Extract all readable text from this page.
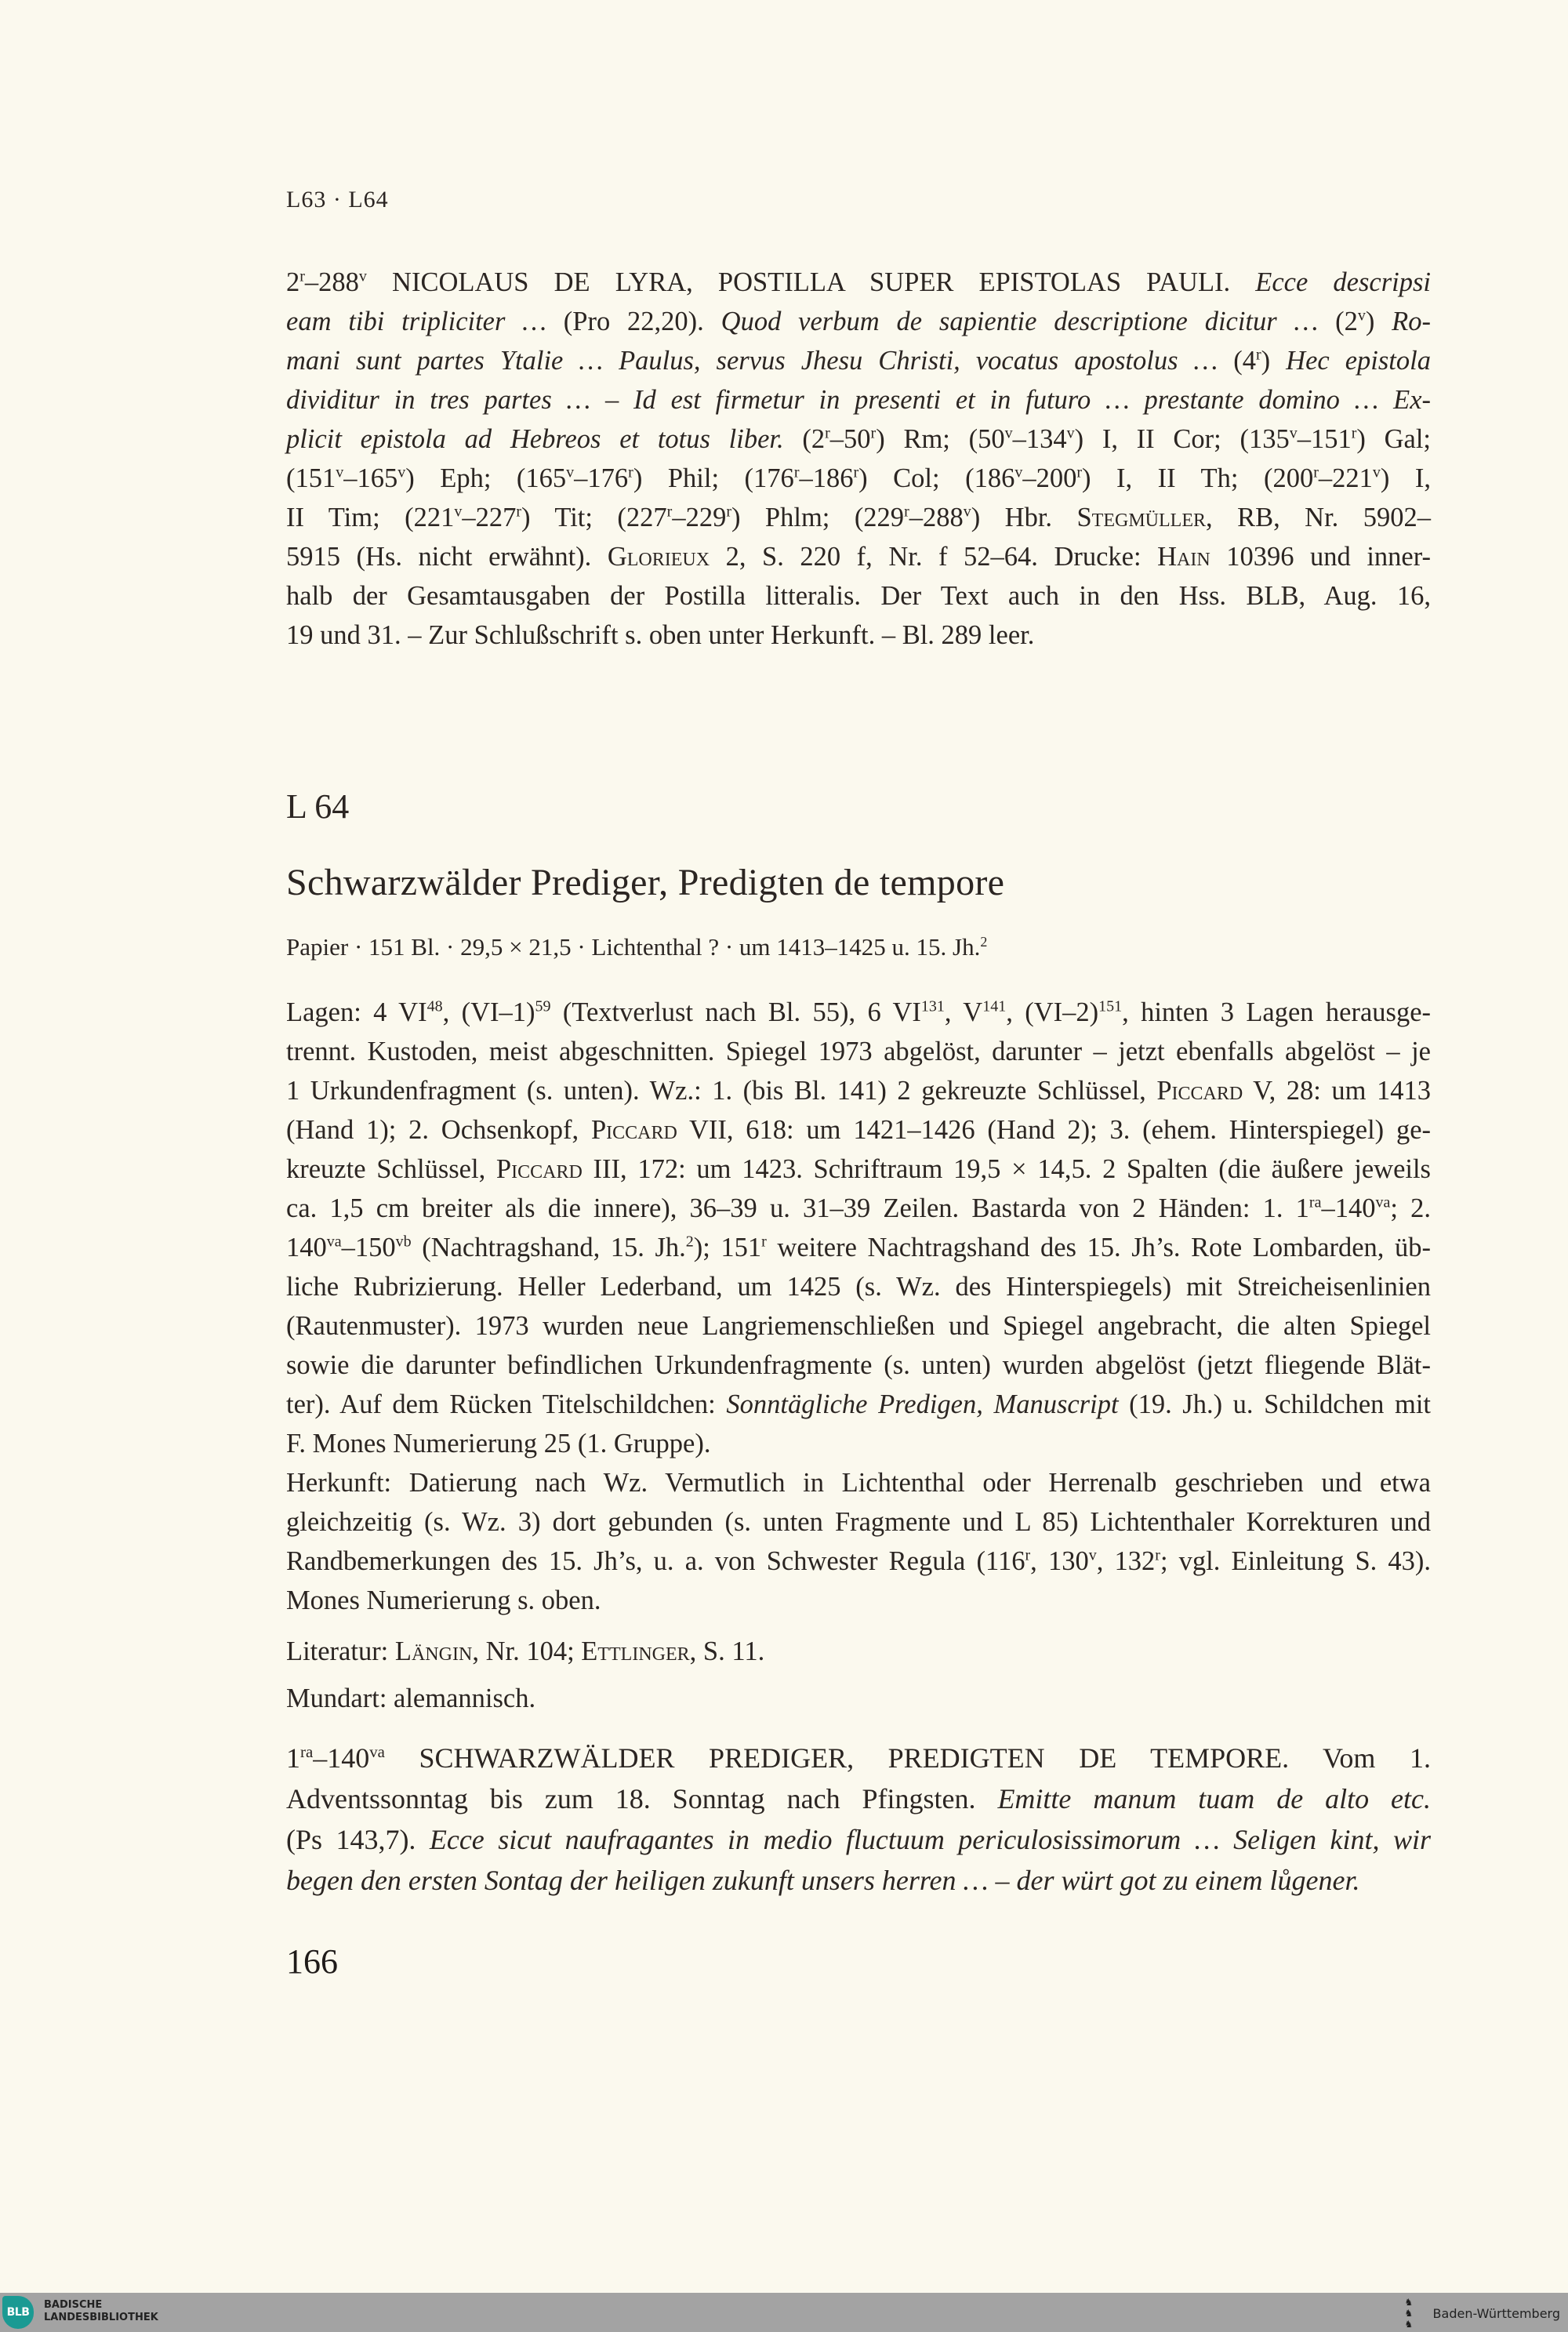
L63 · L64
2$^r$–288$^v$ NICOLAUS DE LYRA, POSTILLA SUPER EPISTOLAS PAULI. Ecce descripsi
eam tibi tripliciter … (Pro 22,20). Quod verbum de sapientie descriptione dicitur … (2$^v$) Ro-
mani sunt partes Ytalie … Paulus, servus Jhesu Christi, vocatus apostolus … (4$^r$) Hec epistola
dividitur in tres partes … – Id est firmetur in presenti et in futuro … prestante domino … Ex-
plicit epistola ad Hebreos et totus liber. (2$^r$–50$^r$) Rm; (50$^v$–134$^v$) I, II Cor; (135$^v$–151$^r$) Gal;
(151$^v$–165$^v$) Eph; (165$^v$–176$^r$) Phil; (176$^r$–186$^r$) Col; (186$^v$–200$^r$) I, II Th; (200$^r$–221$^v$) I,
II Tim; (221$^v$–227$^r$) Tit; (227$^r$–229$^r$) Phlm; (229$^r$–288$^v$) Hbr. Stegmüller, RB, Nr. 5902–
5915 (Hs. nicht erwähnt). Glorieux 2, S. 220 f, Nr. f 52–64. Drucke: Hain 10396 und inner-
halb der Gesamtausgaben der Postilla litteralis. Der Text auch in den Hss. BLB, Aug. 16,
19 und 31. – Zur Schlußschrift s. oben unter Herkunft. – Bl. 289 leer.
L 64
Schwarzwälder Prediger, Predigten de tempore
Papier · 151 Bl. · 29,5 × 21,5 · Lichtenthal ? · um 1413–1425 u. 15. Jh.$^2$
Lagen: 4 VI$^{48}$, $(VI-1)^{59}$ (Textverlust nach Bl. 55), 6 VI$^{131}$, $V^{141}$, $(VI-2)^{151}$, hinten 3 Lagen herausge-
trennt. Kustoden, meist abgeschnitten. Spiegel 1973 abgelöst, darunter – jetzt ebenfalls abgelöst – je
1 Urkundenfragment (s. unten). Wz.: 1. (bis Bl. 141) 2 gekreuzte Schlüssel, Piccard V, 28: um 1413
(Hand 1); 2. Ochsenkopf, Piccard VII, 618: um 1421–1426 (Hand 2); 3. (ehem. Hinterspiegel) ge-
kreuzte Schlüssel, Piccard III, 172: um 1423. Schriftraum 19,5 × 14,5. 2 Spalten (die äußere jeweils
ca. 1,5 cm breiter als die innere), 36–39 u. 31–39 Zeilen. Bastarda von 2 Händen: 1. $1^{ra}-140^{va}$; 2.
$140^{va}-150^{vb}$ (Nachtragshand, 15. Jh.$^2$); 151$^r$ weitere Nachtragshand des 15. Jh’s. Rote Lombarden, üb-
liche Rubrizierung. Heller Lederband, um 1425 (s. Wz. des Hinterspiegels) mit Streicheisenlinien
(Rautenmuster). 1973 wurden neue Langriemenschließen und Spiegel angebracht, die alten Spiegel
sowie die darunter befindlichen Urkundenfragmente (s. unten) wurden abgelöst (jetzt fliegende Blät-
ter). Auf dem Rücken Titelschildchen: Sonntägliche Predigen, Manuscript (19. Jh.) u. Schildchen mit
F. Mones Numerierung 25 (1. Gruppe).
Herkunft: Datierung nach Wz. Vermutlich in Lichtenthal oder Herrenalb geschrieben und etwa
gleichzeitig (s. Wz. 3) dort gebunden (s. unten Fragmente und L 85) Lichtenthaler Korrekturen und
Randbemerkungen des 15. Jh’s, u. a. von Schwester Regula (116$^r$, 130$^v$, 132$^r$; vgl. Einleitung S. 43).
Mones Numerierung s. oben.
Literatur: Längin, Nr. 104; Ettlinger, S. 11.
Mundart: alemannisch.
$1^{ra}-140^{va}$ SCHWARZWÄLDER PREDIGER, PREDIGTEN DE TEMPORE. Vom 1.
Adventssonntag bis zum 18. Sonntag nach Pfingsten. Emitte manum tuam de alto etc.
(Ps 143,7). Ecce sicut naufragantes in medio fluctuum periculosissimorum … Seligen kint, wir
begen den ersten Sontag der heiligen zukunft unsers herren … – der würt got zu einem lůgener.
166
BLB
BADISCHE
LANDESBIBLIOTHEK
♞
♞
♞
Baden-Württemberg
